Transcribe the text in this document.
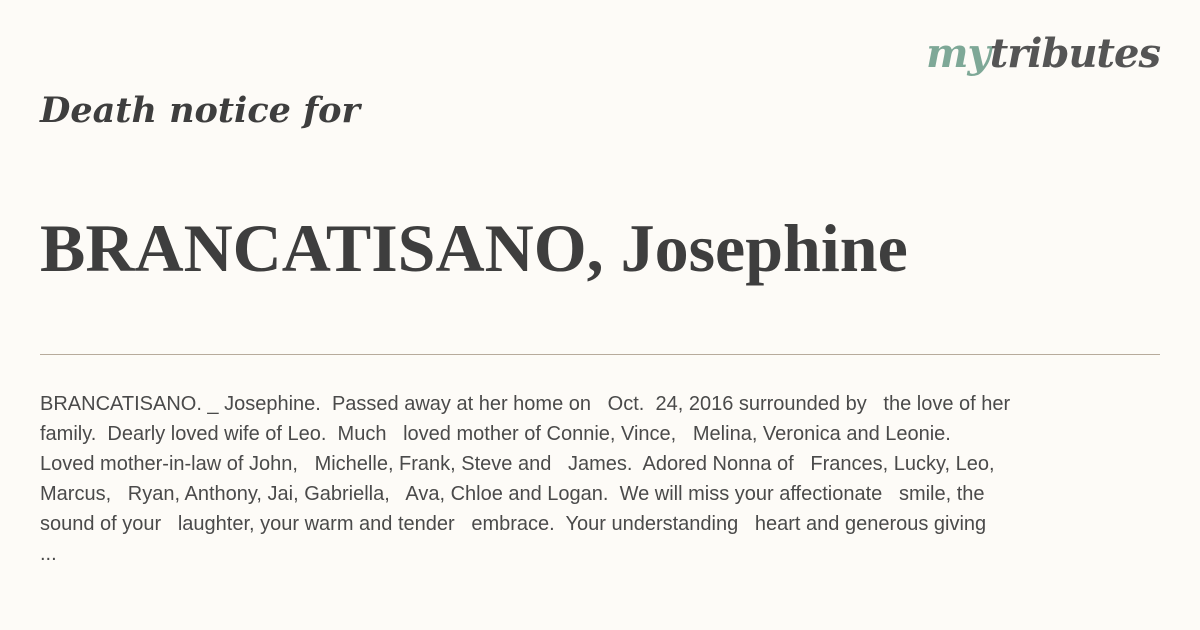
mytributes
Death notice for
BRANCATISANO, Josephine
BRANCATISANO. _ Josephine.  Passed away at her home on   Oct.  24, 2016 surrounded by   the love of her
family.  Dearly loved wife of Leo.  Much   loved mother of Connie, Vince,   Melina, Veronica and Leonie.
Loved mother-in-law of John,   Michelle, Frank, Steve and   James.  Adored Nonna of   Frances, Lucky, Leo,
Marcus,   Ryan, Anthony, Jai, Gabriella,   Ava, Chloe and Logan.  We will miss your affectionate   smile, the
sound of your   laughter, your warm and tender   embrace.  Your understanding   heart and generous giving
...
